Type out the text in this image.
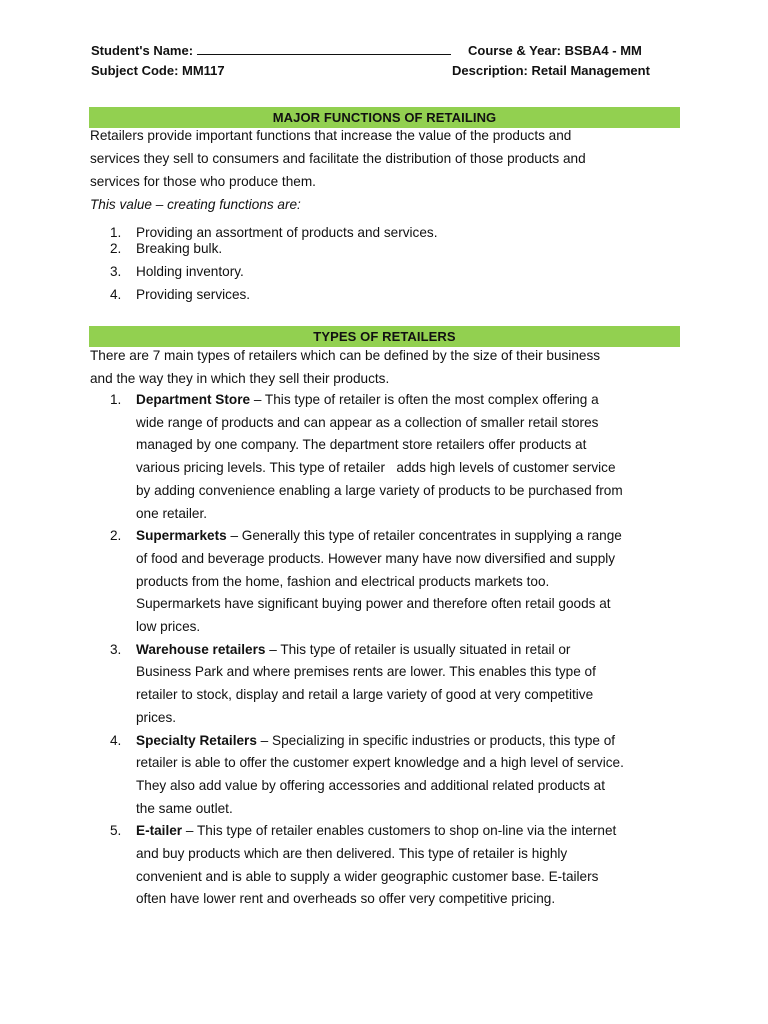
Student's Name:	Course & Year: BSBA4 - MM
Subject Code: MM117	Description: Retail Management
MAJOR FUNCTIONS OF RETAILING
Retailers provide important functions that increase the value of the products and
services they sell to consumers and facilitate the distribution of those products and
services for those who produce them.
This value – creating functions are:
1. Providing an assortment of products and services.
2. Breaking bulk.
3. Holding inventory.
4. Providing services.
TYPES OF RETAILERS
There are 7 main types of retailers which can be defined by the size of their business
and the way they in which they sell their products.
1. Department Store – This type of retailer is often the most complex offering a
wide range of products and can appear as a collection of smaller retail stores
managed by one company. The department store retailers offer products at
various pricing levels. This type of retailer   adds high levels of customer service
by adding convenience enabling a large variety of products to be purchased from
one retailer.
2. Supermarkets – Generally this type of retailer concentrates in supplying a range
of food and beverage products. However many have now diversified and supply
products from the home, fashion and electrical products markets too.
Supermarkets have significant buying power and therefore often retail goods at
low prices.
3. Warehouse retailers – This type of retailer is usually situated in retail or
Business Park and where premises rents are lower. This enables this type of
retailer to stock, display and retail a large variety of good at very competitive
prices.
4. Specialty Retailers – Specializing in specific industries or products, this type of
retailer is able to offer the customer expert knowledge and a high level of service.
They also add value by offering accessories and additional related products at
the same outlet.
5. E-tailer – This type of retailer enables customers to shop on-line via the internet
and buy products which are then delivered. This type of retailer is highly
convenient and is able to supply a wider geographic customer base. E-tailers
often have lower rent and overheads so offer very competitive pricing.
